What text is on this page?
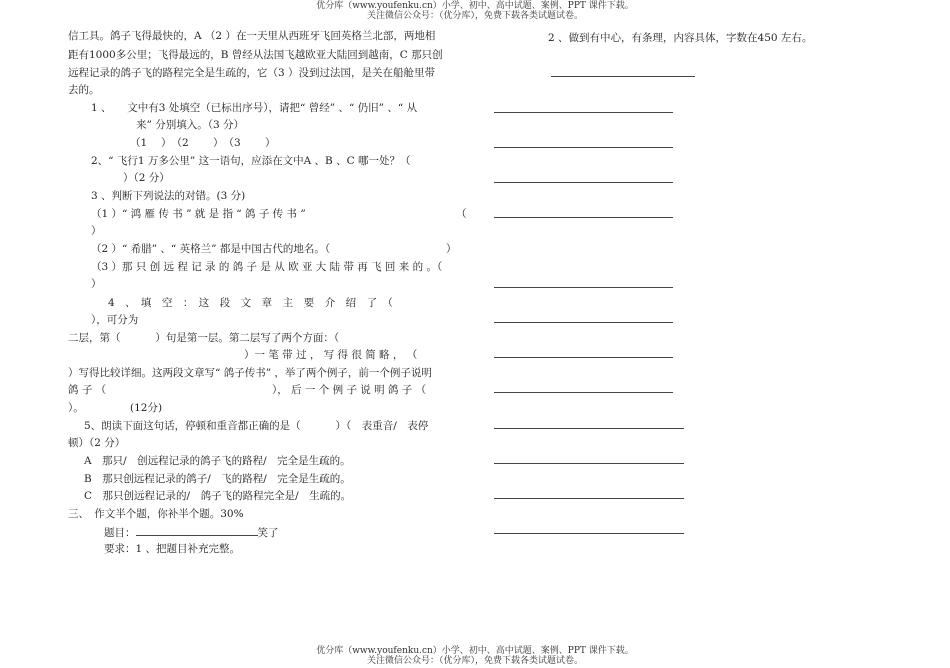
优分库（www.youfenku.cn）小学、初中、高中试题、案例、PPT 课件下载。
关注微信公众号：（优分库），免费下载各类试题试卷。
信工具。鸽子飞得最快的，A （2 ）在一天里从西班牙飞回英格兰北部，两地相
距有1000多公里；飞得最远的，B 曾经从法国飞越欧亚大陆回到越南，C 那只创
远程记录的鸽子飞的路程完全是生疏的，它（3 ）没到过法国，是关在船舱里带
去的。
1 、　　文中有3 处填空（已标出序号），请把“ 曾经” 、“ 仍旧” 、“ 从
来” 分别填入。（3 分）
（1　 ）　（2　　 ）　（3　　 ）
2、“ 飞行1 万多公里” 这一语句，应添在文中A 、B 、C 哪一处？（
）（2 分）
3 、判断下列说法的对错。(3 分)
（1 ）“ 鸿 雁 传 书 ” 就 是 指 “ 鸽 子 传 书 ”	（
）
（2 ）“ 希腊” 、“ 英格兰” 都是中国古代的地名。（	）
（3 ）那 只 创 远 程 记 录 的 鸽 子 是 从 欧 亚 大 陆 带 再 飞 回 来 的 。（
）
4　、　填　空　：　这　段　文　章　主　要　介　绍　了　（
），可分为
二层，第（　　　 ）句是第一层。第二层写了两个方面：（
）一 笔 带 过 ， 写 得 很 简 略 ， （
）写得比较详细。这两段文章写“ 鸽子传书” ，举了两个例子，前一个例子说明
鸽 子 （	）， 后 一 个 例 子 说 明 鸽 子 （
）。	(12分)
5、朗读下面这句话，停顿和重音都正确的是（　　　 ）（　表重音/　表停
顿）（2 分）
A　那只/　创远程记录的鸽子飞的路程/　完全是生疏的。
B　那只创远程记录的鸽子/　飞的路程/　完全是生疏的。
C　那只创远程记录的/　鸽子飞的路程完全是/　生疏的。
三、　作文半个题，你补半个题。30%
题目：	笑了
要求：1 、把题目补充完整。
2 、做到有中心，有条理，内容具体，字数在450 左右。
优分库（www.youfenku.cn）小学、初中、高中试题、案例、PPT 课件下载。
关注微信公众号：（优分库），免费下载各类试题试卷。
